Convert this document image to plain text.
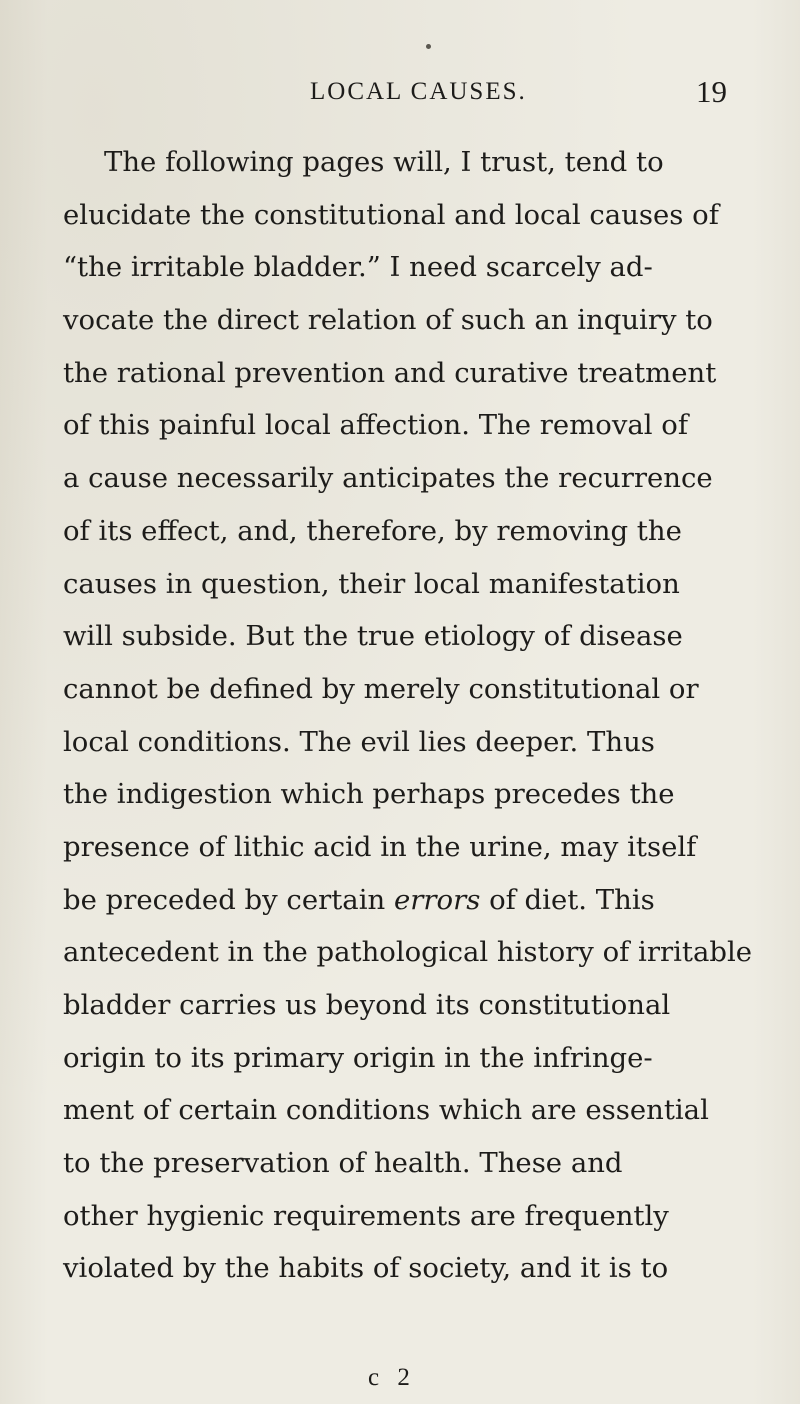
LOCAL CAUSES.	19
The following pages will, I trust, tend to
elucidate the constitutional and local causes of
“the irritable bladder.” I need scarcely ad-
vocate the direct relation of such an inquiry to
the rational prevention and curative treatment
of this painful local affection. The removal of
a cause necessarily anticipates the recurrence
of its effect, and, therefore, by removing the
causes in question, their local manifestation
will subside. But the true etiology of disease
cannot be defined by merely constitutional or
local conditions. The evil lies deeper. Thus
the indigestion which perhaps precedes the
presence of lithic acid in the urine, may itself
be preceded by certain errors of diet. This
antecedent in the pathological history of irritable
bladder carries us beyond its constitutional
origin to its primary origin in the infringe-
ment of certain conditions which are essential
to the preservation of health. These and
other hygienic requirements are frequently
violated by the habits of society, and it is to
c 2
